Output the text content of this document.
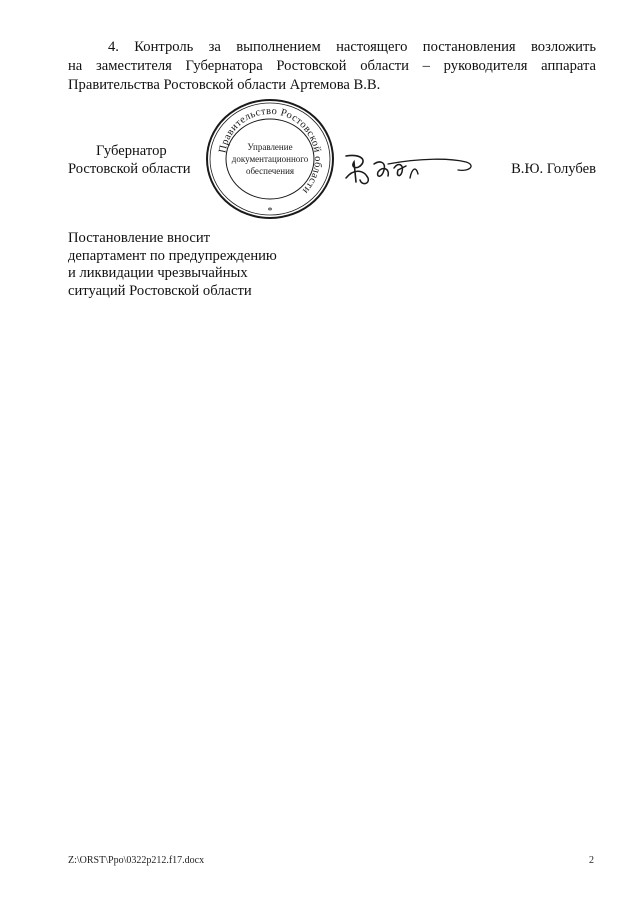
4. Контроль за выполнением настоящего постановления возложить
на заместителя Губернатора Ростовской области – руководителя аппарата
Правительства Ростовской области Артемова В.В.
Губернатор
Ростовской области
Правительство Ростовской области
Управление
документационного
обеспечения
*
В.Ю. Голубев
Постановление вносит
департамент по предупреждению
и ликвидации чрезвычайных
ситуаций Ростовской области
Z:\ORST\Ppo\0322p212.f17.docx	2
